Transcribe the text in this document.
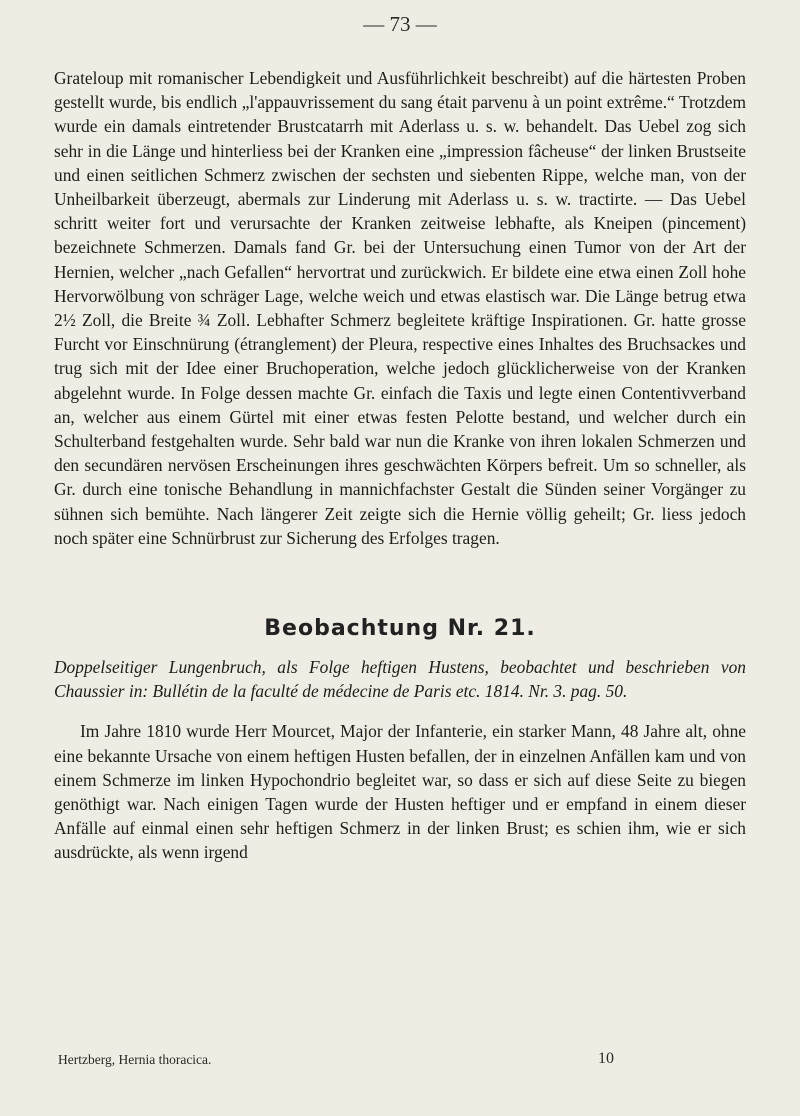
— 73 —

Grateloup mit romanischer Lebendigkeit und Ausführlichkeit beschreibt) auf die härtesten Proben gestellt wurde, bis endlich „l'appauvrissement du sang était parvenu à un point extrême.“ Trotzdem wurde ein damals eintretender Brustcatarrh mit Aderlass u. s. w. behandelt. Das Uebel zog sich sehr in die Länge und hinterliess bei der Kranken eine „impression fâcheuse“ der linken Brustseite und einen seitlichen Schmerz zwischen der sechsten und siebenten Rippe, welche man, von der Unheilbarkeit überzeugt, abermals zur Linderung mit Aderlass u. s. w. tractirte. — Das Uebel schritt weiter fort und verursachte der Kranken zeitweise lebhafte, als Kneipen (pincement) bezeichnete Schmerzen. Damals fand Gr. bei der Untersuchung einen Tumor von der Art der Hernien, welcher „nach Gefallen“ hervortrat und zurückwich. Er bildete eine etwa einen Zoll hohe Hervorwölbung von schräger Lage, welche weich und etwas elastisch war. Die Länge betrug etwa 2½ Zoll, die Breite ¾ Zoll. Lebhafter Schmerz begleitete kräftige Inspirationen. Gr. hatte grosse Furcht vor Einschnürung (étranglement) der Pleura, respective eines Inhaltes des Bruchsackes und trug sich mit der Idee einer Bruchoperation, welche jedoch glücklicherweise von der Kranken abgelehnt wurde. In Folge dessen machte Gr. einfach die Taxis und legte einen Contentivverband an, welcher aus einem Gürtel mit einer etwas festen Pelotte bestand, und welcher durch ein Schulterband festgehalten wurde. Sehr bald war nun die Kranke von ihren lokalen Schmerzen und den secundären nervösen Erscheinungen ihres geschwächten Körpers befreit. Um so schneller, als Gr. durch eine tonische Behandlung in mannichfachster Gestalt die Sünden seiner Vorgänger zu sühnen sich bemühte. Nach längerer Zeit zeigte sich die Hernie völlig geheilt; Gr. liess jedoch noch später eine Schnürbrust zur Sicherung des Erfolges tragen.

Beobachtung Nr. 21.

Doppelseitiger Lungenbruch, als Folge heftigen Hustens, beobachtet und beschrieben von Chaussier in: Bullétin de la faculté de médecine de Paris etc. 1814. Nr. 3. pag. 50.

Im Jahre 1810 wurde Herr Mourcet, Major der Infanterie, ein starker Mann, 48 Jahre alt, ohne eine bekannte Ursache von einem heftigen Husten befallen, der in einzelnen Anfällen kam und von einem Schmerze im linken Hypochondrio begleitet war, so dass er sich auf diese Seite zu biegen genöthigt war. Nach einigen Tagen wurde der Husten heftiger und er empfand in einem dieser Anfälle auf einmal einen sehr heftigen Schmerz in der linken Brust; es schien ihm, wie er sich ausdrückte, als wenn irgend

Hertzberg, Hernia thoracica.	10
